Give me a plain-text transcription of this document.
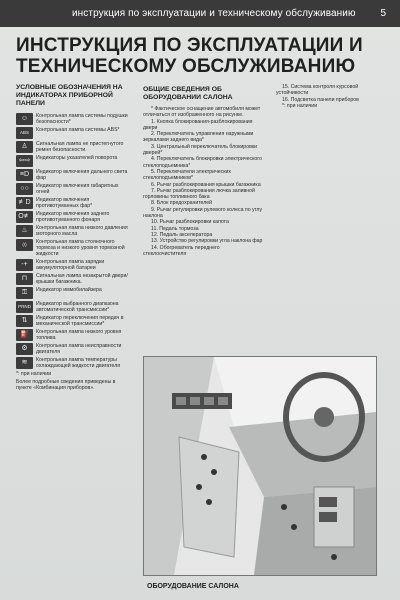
инструкция по эксплуатации и техническому обслуживанию 5
ИНСТРУКЦИЯ ПО ЭКСПЛУАТАЦИИ И ТЕХНИЧЕСКОМУ ОБСЛУЖИВАНИЮ
УСЛОВНЫЕ ОБОЗНАЧЕНИЯ НА ИНДИКАТОРАХ ПРИБОРНОЙ ПАНЕЛИ
☺	Контрольная лампа системы подушки безопасности*
ABS	Контрольная лампа системы ABS*
♙	Сигнальная лампа не пристегнутого ремня безопасности.
⇦⇨	Индикаторы указателей поворота
≡D	Индикатор включения дальнего света фар
○○	Индикатор включения габаритных огней
≢D	Индикатор включения противотуманных фар*
O≢	Индикатор включения заднего противотуманного фонаря
♨	Контрольная лампа низкого давления моторного масла
(!)	Контрольная лампа стояночного тормоза и низкого уровня тормозной жидкости
-+	Контрольная лампа зарядки аккумуляторной батареи
⊓	Сигнальная лампа незакрытой двери/крышки багажника.
⚿	Индикатор иммобилайзера
PRND Индикатор выбранного диапазона автоматической трансмиссии*
⇅	Индикатор переключения передач в механической трансмиссии*
⛽	Контрольная лампа низкого уровня топлива
⚙	Контрольная лампа неисправности двигателя
≋	Контрольная лампа температуры охлаждающей жидкости двигателя
*: при наличии
Более подробные сведения приведены в пункте «Комбинация приборов».
ОБЩИЕ СВЕДЕНИЯ ОБ ОБОРУДОВАНИИ САЛОНА
* Фактическое оснащение автомобиля может отличаться от изображенного на рисунке.
1. Кнопка блокирования-разблокирования двери
2. Переключатель управления наружными зеркалами заднего вида*
3. Центральный переключатель блокировки дверей*
4. Переключатель блокировки электрического стеклоподъемника*
5. Переключатели электрических стеклоподъемников*
6. Рычаг разблокирования крышки багажника
7. Рычаг разблокирования лючка заливной горловины топливного бака
8. Блок предохранителей
9. Рычаг регулировки рулевого колеса по углу наклона
10. Рычаг разблокировки капота
11. Педаль тормоза
12. Педаль акселератора
13. Устройство регулировки угла наклона фар
14. Обогреватель переднего стеклоочистителя
15. Система контроля курсовой устойчивости
16. Подсветка панели приборов
*: при наличии
ОБОРУДОВАНИЕ САЛОНА
